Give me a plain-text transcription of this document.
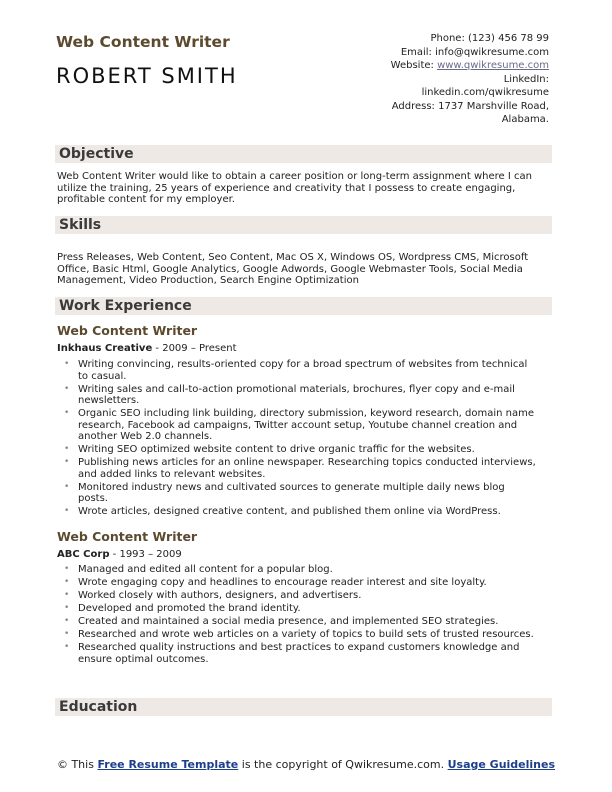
Web Content Writer
ROBERT SMITH
Phone: (123) 456 78 99
Email: info@qwikresume.com
Website: www.qwikresume.com
LinkedIn:
linkedin.com/qwikresume
Address: 1737 Marshville Road,
Alabama.
Objective
Web Content Writer would like to obtain a career position or long-term assignment where I can utilize the training, 25 years of experience and creativity that I possess to create engaging, profitable content for my employer.
Skills
Press Releases, Web Content, Seo Content, Mac OS X, Windows OS, Wordpress CMS, Microsoft Office, Basic Html, Google Analytics, Google Adwords, Google Webmaster Tools, Social Media Management, Video Production, Search Engine Optimization
Work Experience
Web Content Writer
Inkhaus Creative - 2009 – Present
• Writing convincing, results-oriented copy for a broad spectrum of websites from technical to casual.
• Writing sales and call-to-action promotional materials, brochures, flyer copy and e-mail newsletters.
• Organic SEO including link building, directory submission, keyword research, domain name research, Facebook ad campaigns, Twitter account setup, Youtube channel creation and another Web 2.0 channels.
• Writing SEO optimized website content to drive organic traffic for the websites.
• Publishing news articles for an online newspaper. Researching topics conducted interviews, and added links to relevant websites.
• Monitored industry news and cultivated sources to generate multiple daily news blog posts.
• Wrote articles, designed creative content, and published them online via WordPress.
Web Content Writer
ABC Corp - 1993 – 2009
• Managed and edited all content for a popular blog.
• Wrote engaging copy and headlines to encourage reader interest and site loyalty.
• Worked closely with authors, designers, and advertisers.
• Developed and promoted the brand identity.
• Created and maintained a social media presence, and implemented SEO strategies.
• Researched and wrote web articles on a variety of topics to build sets of trusted resources.
• Researched quality instructions and best practices to expand customers knowledge and ensure optimal outcomes.
Education
© This Free Resume Template is the copyright of Qwikresume.com. Usage Guidelines
